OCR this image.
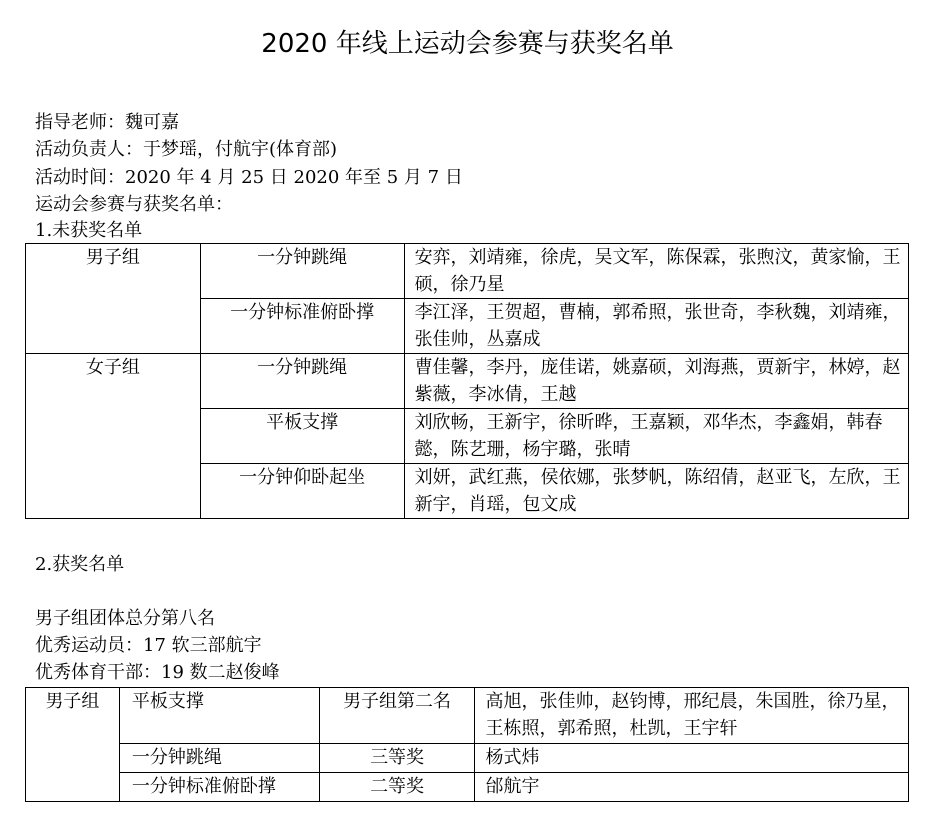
2020 年线上运动会参赛与获奖名单
指导老师：魏可嘉
活动负责人：于梦瑶，付航宇(体育部)
活动时间：2020 年 4 月 25 日 2020 年至 5 月 7 日
运动会参赛与获奖名单：
1.未获奖名单
男子组	一分钟跳绳	安弈，刘靖雍，徐虎，吴文军，陈保霖，张煦汶，黄家愉，王硕，徐乃星
	一分钟标准俯卧撑	李江泽，王贺超，曹楠，郭希照，张世奇，李秋魏，刘靖雍，张佳帅，丛嘉成
女子组	一分钟跳绳	曹佳馨，李丹，庞佳诺，姚嘉硕，刘海燕，贾新宇，林婷，赵紫薇，李冰倩，王越
	平板支撑	刘欣畅，王新宇，徐昕晔，王嘉颖，邓华杰，李鑫娟，韩春懿，陈艺珊，杨宇璐，张晴
	一分钟仰卧起坐	刘妍，武红燕，侯依娜，张梦帆，陈绍倩，赵亚飞，左欣，王新宇，肖瑶，包文成
2.获奖名单
男子组团体总分第八名
优秀运动员：17 软三部航宇
优秀体育干部：19 数二赵俊峰
男子组	平板支撑	男子组第二名	高旭，张佳帅，赵钧博，邢纪晨，朱国胜，徐乃星，王栋照，郭希照，杜凯，王宇轩
	一分钟跳绳	三等奖	杨式炜
	一分钟标准俯卧撑	二等奖	邰航宇
